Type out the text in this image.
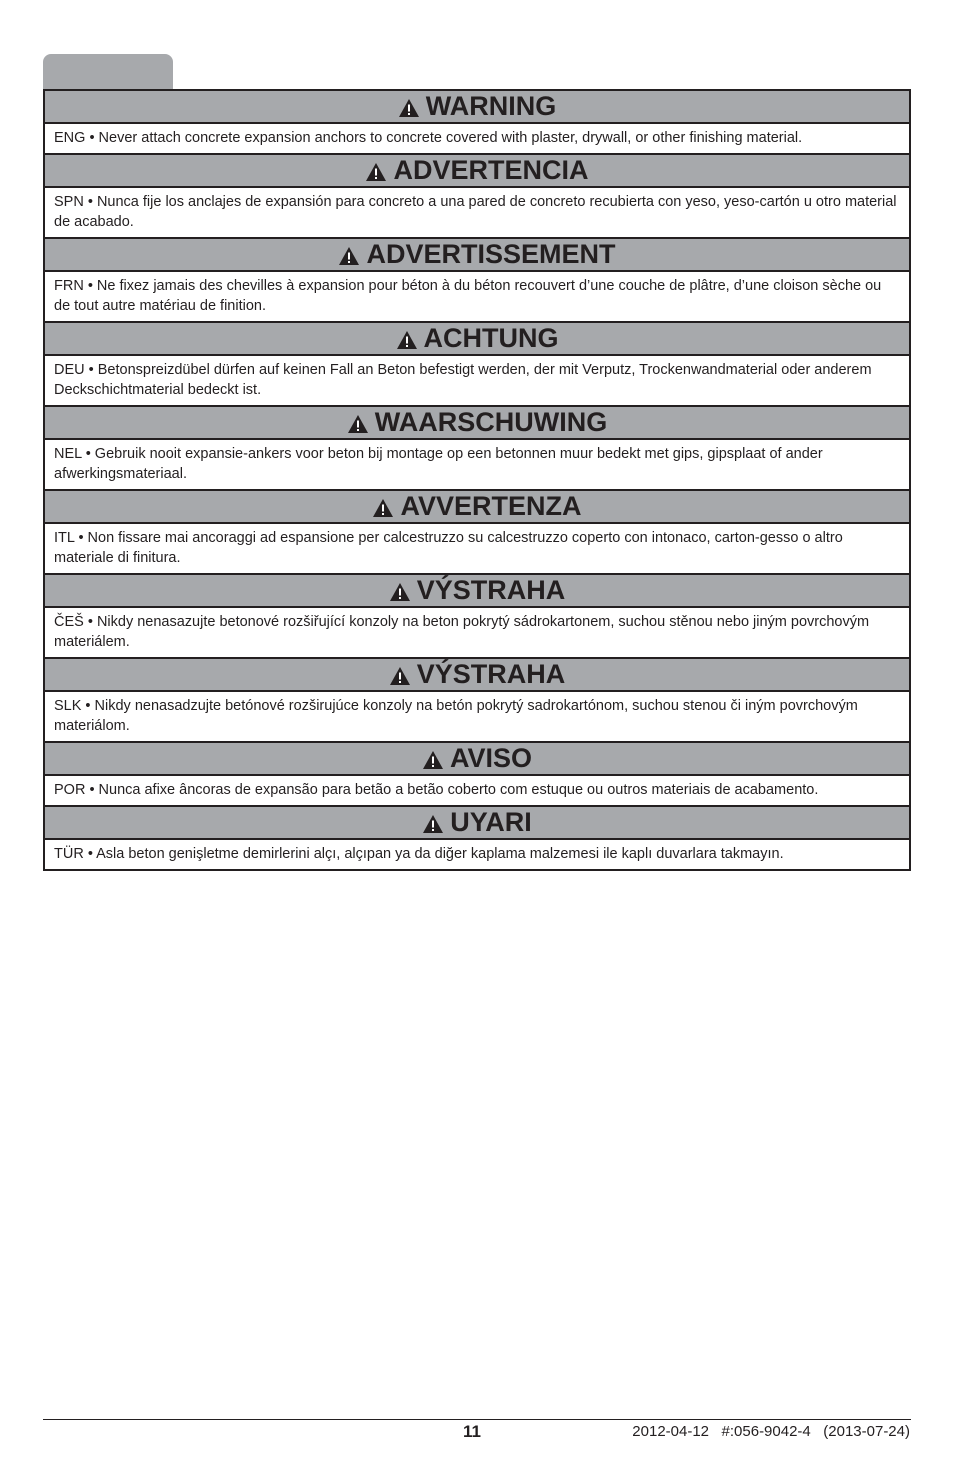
WARNING
ENG • Never attach concrete expansion anchors to concrete covered with plaster, drywall, or other finishing material.
ADVERTENCIA
SPN • Nunca fije los anclajes de expansión para concreto a una pared de concreto recubierta con yeso, yeso-cartón u otro material de acabado.
ADVERTISSEMENT
FRN • Ne fixez jamais des chevilles à expansion pour béton à du béton recouvert d’une couche de plâtre, d’une cloison sèche ou de tout autre matériau de finition.
ACHTUNG
DEU • Betonspreizdübel dürfen auf keinen Fall an Beton befestigt werden, der mit Verputz, Trockenwandmaterial oder anderem Deckschichtmaterial bedeckt ist.
WAARSCHUWING
NEL • Gebruik nooit expansie-ankers voor beton bij montage op een betonnen muur bedekt met gips, gipsplaat of ander afwerkingsmateriaal.
AVVERTENZA
ITL • Non fissare mai ancoraggi ad espansione per calcestruzzo su calcestruzzo coperto con intonaco, carton-gesso o altro materiale di finitura.
VÝSTRAHA
ČEŠ • Nikdy nenasazujte betonové rozšiřující konzoly na beton pokrytý sádrokartonem, suchou stěnou nebo jiným povrchovým materiálem.
VÝSTRAHA
SLK • Nikdy nenasadzujte betónové rozširujúce konzoly na betón pokrytý sadrokartónom, suchou stenou či iným povrchovým materiálom.
AVISO
POR • Nunca afixe âncoras de expansão para betão a betão coberto com estuque ou outros materiais de acabamento.
UYARI
TÜR • Asla beton genişletme demirlerini alçı, alçıpan ya da diğer kaplama malzemesi ile kaplı duvarlara takmayın.
11	2012-04-12   #:056-9042-4   (2013-07-24)
